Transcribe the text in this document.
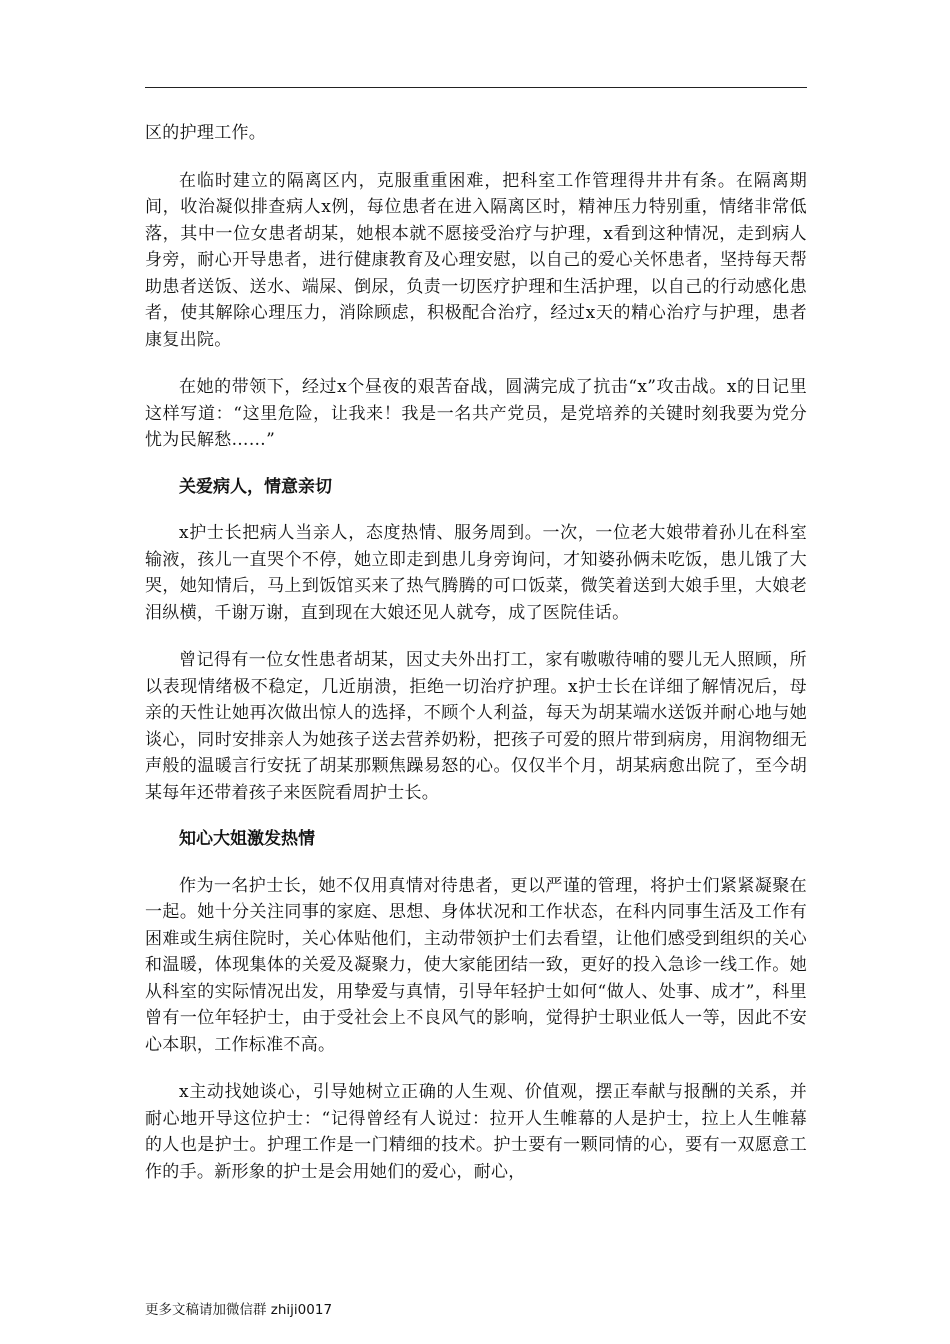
区的护理工作。

在临时建立的隔离区内，克服重重困难，把科室工作管理得井井有条。在隔离期间，收治凝似排查病人x例，每位患者在进入隔离区时，精神压力特别重，情绪非常低落，其中一位女患者胡某，她根本就不愿接受治疗与护理，x看到这种情况，走到病人身旁，耐心开导患者，进行健康教育及心理安慰，以自己的爱心关怀患者，坚持每天帮助患者送饭、送水、端屎、倒尿，负责一切医疗护理和生活护理，以自己的行动感化患者，使其解除心理压力，消除顾虑，积极配合治疗，经过x天的精心治疗与护理，患者康复出院。

在她的带领下，经过x个昼夜的艰苦奋战，圆满完成了抗击“x”攻击战。x的日记里这样写道：“这里危险，让我来！我是一名共产党员，是党培养的关键时刻我要为党分忧为民解愁……”

关爱病人，情意亲切

x护士长把病人当亲人，态度热情、服务周到。一次，一位老大娘带着孙儿在科室输液，孩儿一直哭个不停，她立即走到患儿身旁询问，才知婆孙俩未吃饭，患儿饿了大哭，她知情后，马上到饭馆买来了热气腾腾的可口饭菜，微笑着送到大娘手里，大娘老泪纵横，千谢万谢，直到现在大娘还见人就夸，成了医院佳话。

曾记得有一位女性患者胡某，因丈夫外出打工，家有嗷嗷待哺的婴儿无人照顾，所以表现情绪极不稳定，几近崩溃，拒绝一切治疗护理。x护士长在详细了解情况后，母亲的天性让她再次做出惊人的选择，不顾个人利益，每天为胡某端水送饭并耐心地与她谈心，同时安排亲人为她孩子送去营养奶粉，把孩子可爱的照片带到病房，用润物细无声般的温暖言行安抚了胡某那颗焦躁易怒的心。仅仅半个月，胡某病愈出院了，至今胡某每年还带着孩子来医院看周护士长。

知心大姐激发热情

作为一名护士长，她不仅用真情对待患者，更以严谨的管理，将护士们紧紧凝聚在一起。她十分关注同事的家庭、思想、身体状况和工作状态，在科内同事生活及工作有困难或生病住院时，关心体贴他们，主动带领护士们去看望，让他们感受到组织的关心和温暖，体现集体的关爱及凝聚力，使大家能团结一致，更好的投入急诊一线工作。她从科室的实际情况出发，用挚爱与真情，引导年轻护士如何“做人、处事、成才”，科里曾有一位年轻护士，由于受社会上不良风气的影响，觉得护士职业低人一等，因此不安心本职，工作标准不高。

x主动找她谈心，引导她树立正确的人生观、价值观，摆正奉献与报酬的关系，并耐心地开导这位护士：“记得曾经有人说过：拉开人生帷幕的人是护士，拉上人生帷幕的人也是护士。护理工作是一门精细的技术。护士要有一颗同情的心，要有一双愿意工作的手。新形象的护士是会用她们的爱心，耐心，

更多文稿请加微信群 zhiji0017
